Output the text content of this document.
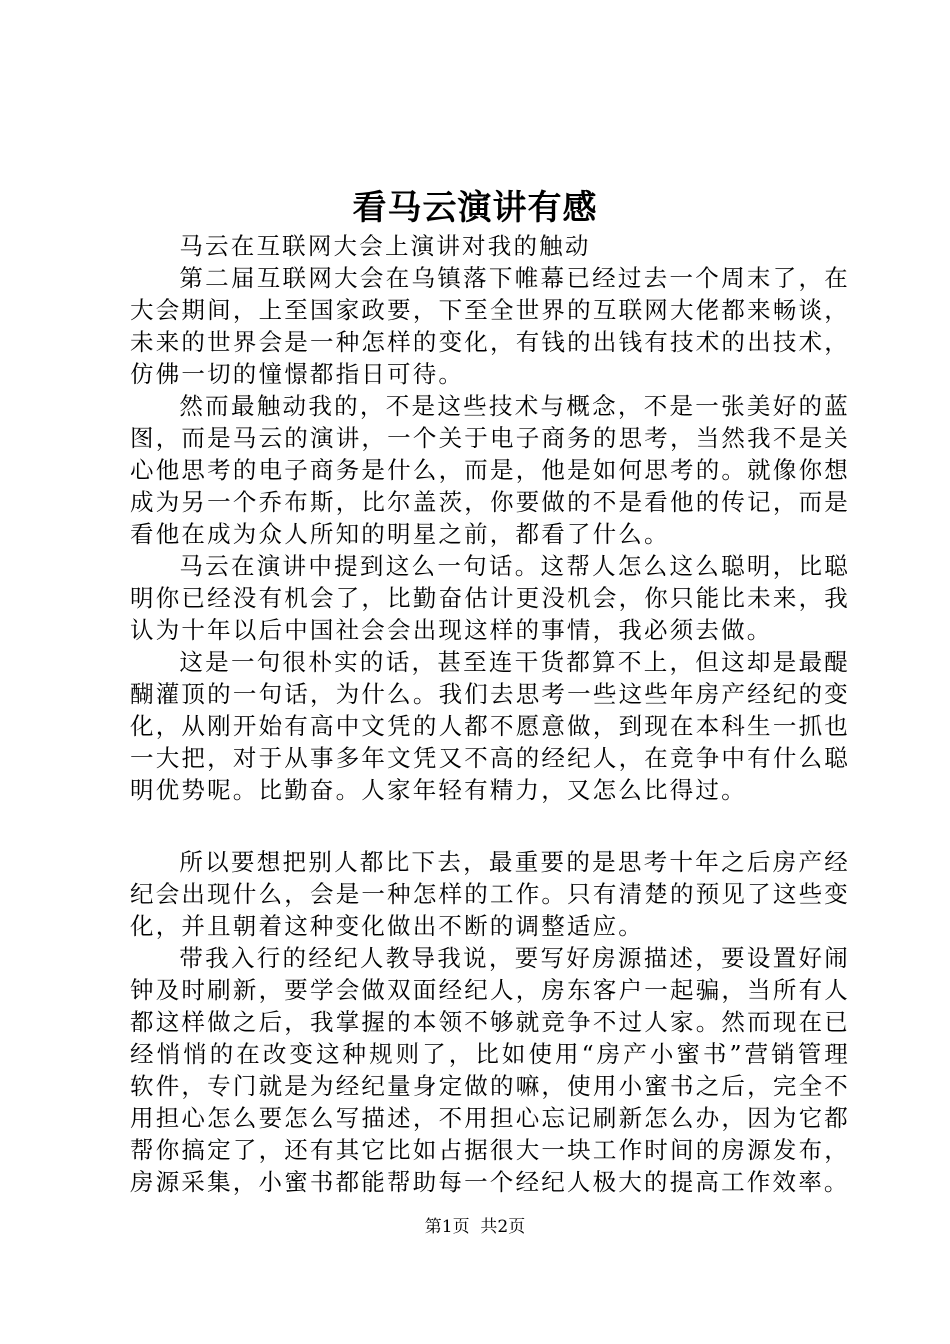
看马云演讲有感

马云在互联网大会上演讲对我的触动

第二届互联网大会在乌镇落下帷幕已经过去一个周末了，在大会期间，上至国家政要，下至全世界的互联网大佬都来畅谈，未来的世界会是一种怎样的变化，有钱的出钱有技术的出技术，仿佛一切的憧憬都指日可待。

然而最触动我的，不是这些技术与概念，不是一张美好的蓝图，而是马云的演讲，一个关于电子商务的思考，当然我不是关心他思考的电子商务是什么，而是，他是如何思考的。就像你想成为另一个乔布斯，比尔盖茨，你要做的不是看他的传记，而是看他在成为众人所知的明星之前，都看了什么。

马云在演讲中提到这么一句话。这帮人怎么这么聪明，比聪明你已经没有机会了，比勤奋估计更没机会，你只能比未来，我认为十年以后中国社会会出现这样的事情，我必须去做。

这是一句很朴实的话，甚至连干货都算不上，但这却是最醍醐灌顶的一句话，为什么。我们去思考一些这些年房产经纪的变化，从刚开始有高中文凭的人都不愿意做，到现在本科生一抓也一大把，对于从事多年文凭又不高的经纪人，在竞争中有什么聪明优势呢。比勤奋。人家年轻有精力，又怎么比得过。

所以要想把别人都比下去，最重要的是思考十年之后房产经纪会出现什么，会是一种怎样的工作。只有清楚的预见了这些变化，并且朝着这种变化做出不断的调整适应。

带我入行的经纪人教导我说，要写好房源描述，要设置好闹钟及时刷新，要学会做双面经纪人，房东客户一起骗，当所有人都这样做之后，我掌握的本领不够就竞争不过人家。然而现在已经悄悄的在改变这种规则了，比如使用“房产小蜜书”营销管理软件，专门就是为经纪量身定做的嘛，使用小蜜书之后，完全不用担心怎么要怎么写描述，不用担心忘记刷新怎么办，因为它都帮你搞定了，还有其它比如占据很大一块工作时间的房源发布，房源采集，小蜜书都能帮助每一个经纪人极大的提高工作效率。

第1页  共2页
